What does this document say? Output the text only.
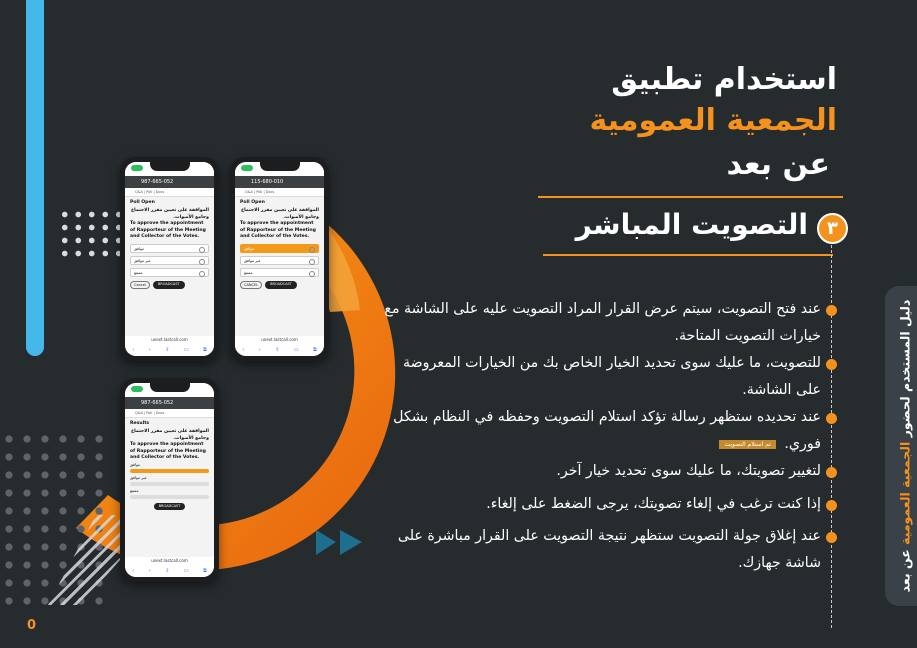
987-665-052
Q&A | Poll | Docs
Poll Open
الموافقة على تعيين مقرر الاجتماع وجامع الأصوات.
To approve the appointment of Rapporteur of the Meeting and Collector of the Votes.
موافق
غير موافق
ممتنع
Cancel	BROADCAST
unext.lastcall.com
‹	›	⇪	▭	⧉
115-680-010
Q&A | Poll | Docs
Poll Open
الموافقة على تعيين مقرر الاجتماع وجامع الأصوات.
To approve the appointment of Rapporteur of the Meeting and Collector of the Votes.
موافق
غير موافق
ممتنع
CANCEL	BROADCAST
unext.lastcall.com
‹	›	⇪	▭	⧉
987-665-052
Q&A | Poll | Docs
Results
الموافقة على تعيين مقرر الاجتماع وجامع الأصوات.
To approve the appointment of Rapporteur of the Meeting and Collector of the Votes.
موافق
غير موافق
ممتنع
BROADCAST
unext.lastcall.com
‹	›	⇪	▭	⧉
استخدام تطبيق
الجمعية العمومية
عن بعد
٣
التصويت المباشر
عند فتح التصويت، سيتم عرض القرار المراد التصويت عليه على الشاشة مع خيارات التصويت المتاحة.
للتصويت، ما عليك سوى تحديد الخيار الخاص بك من الخيارات المعروضة على الشاشة.
عند تحديده ستظهر رسالة تؤكد استلام التصويت وحفظه في النظام بشكل فوري. تم استلام التصويت
لتغيير تصويتك، ما عليك سوى تحديد خيار آخر.
إذا كنت ترغب في إلغاء تصويتك، يرجى الضغط على إلغاء.
عند إغلاق جولة التصويت ستظهر نتيجة التصويت على القرار مباشرة على شاشة جهازك.
دليل المستخدم لحضور الجمعية العمومية عن بعد
0
